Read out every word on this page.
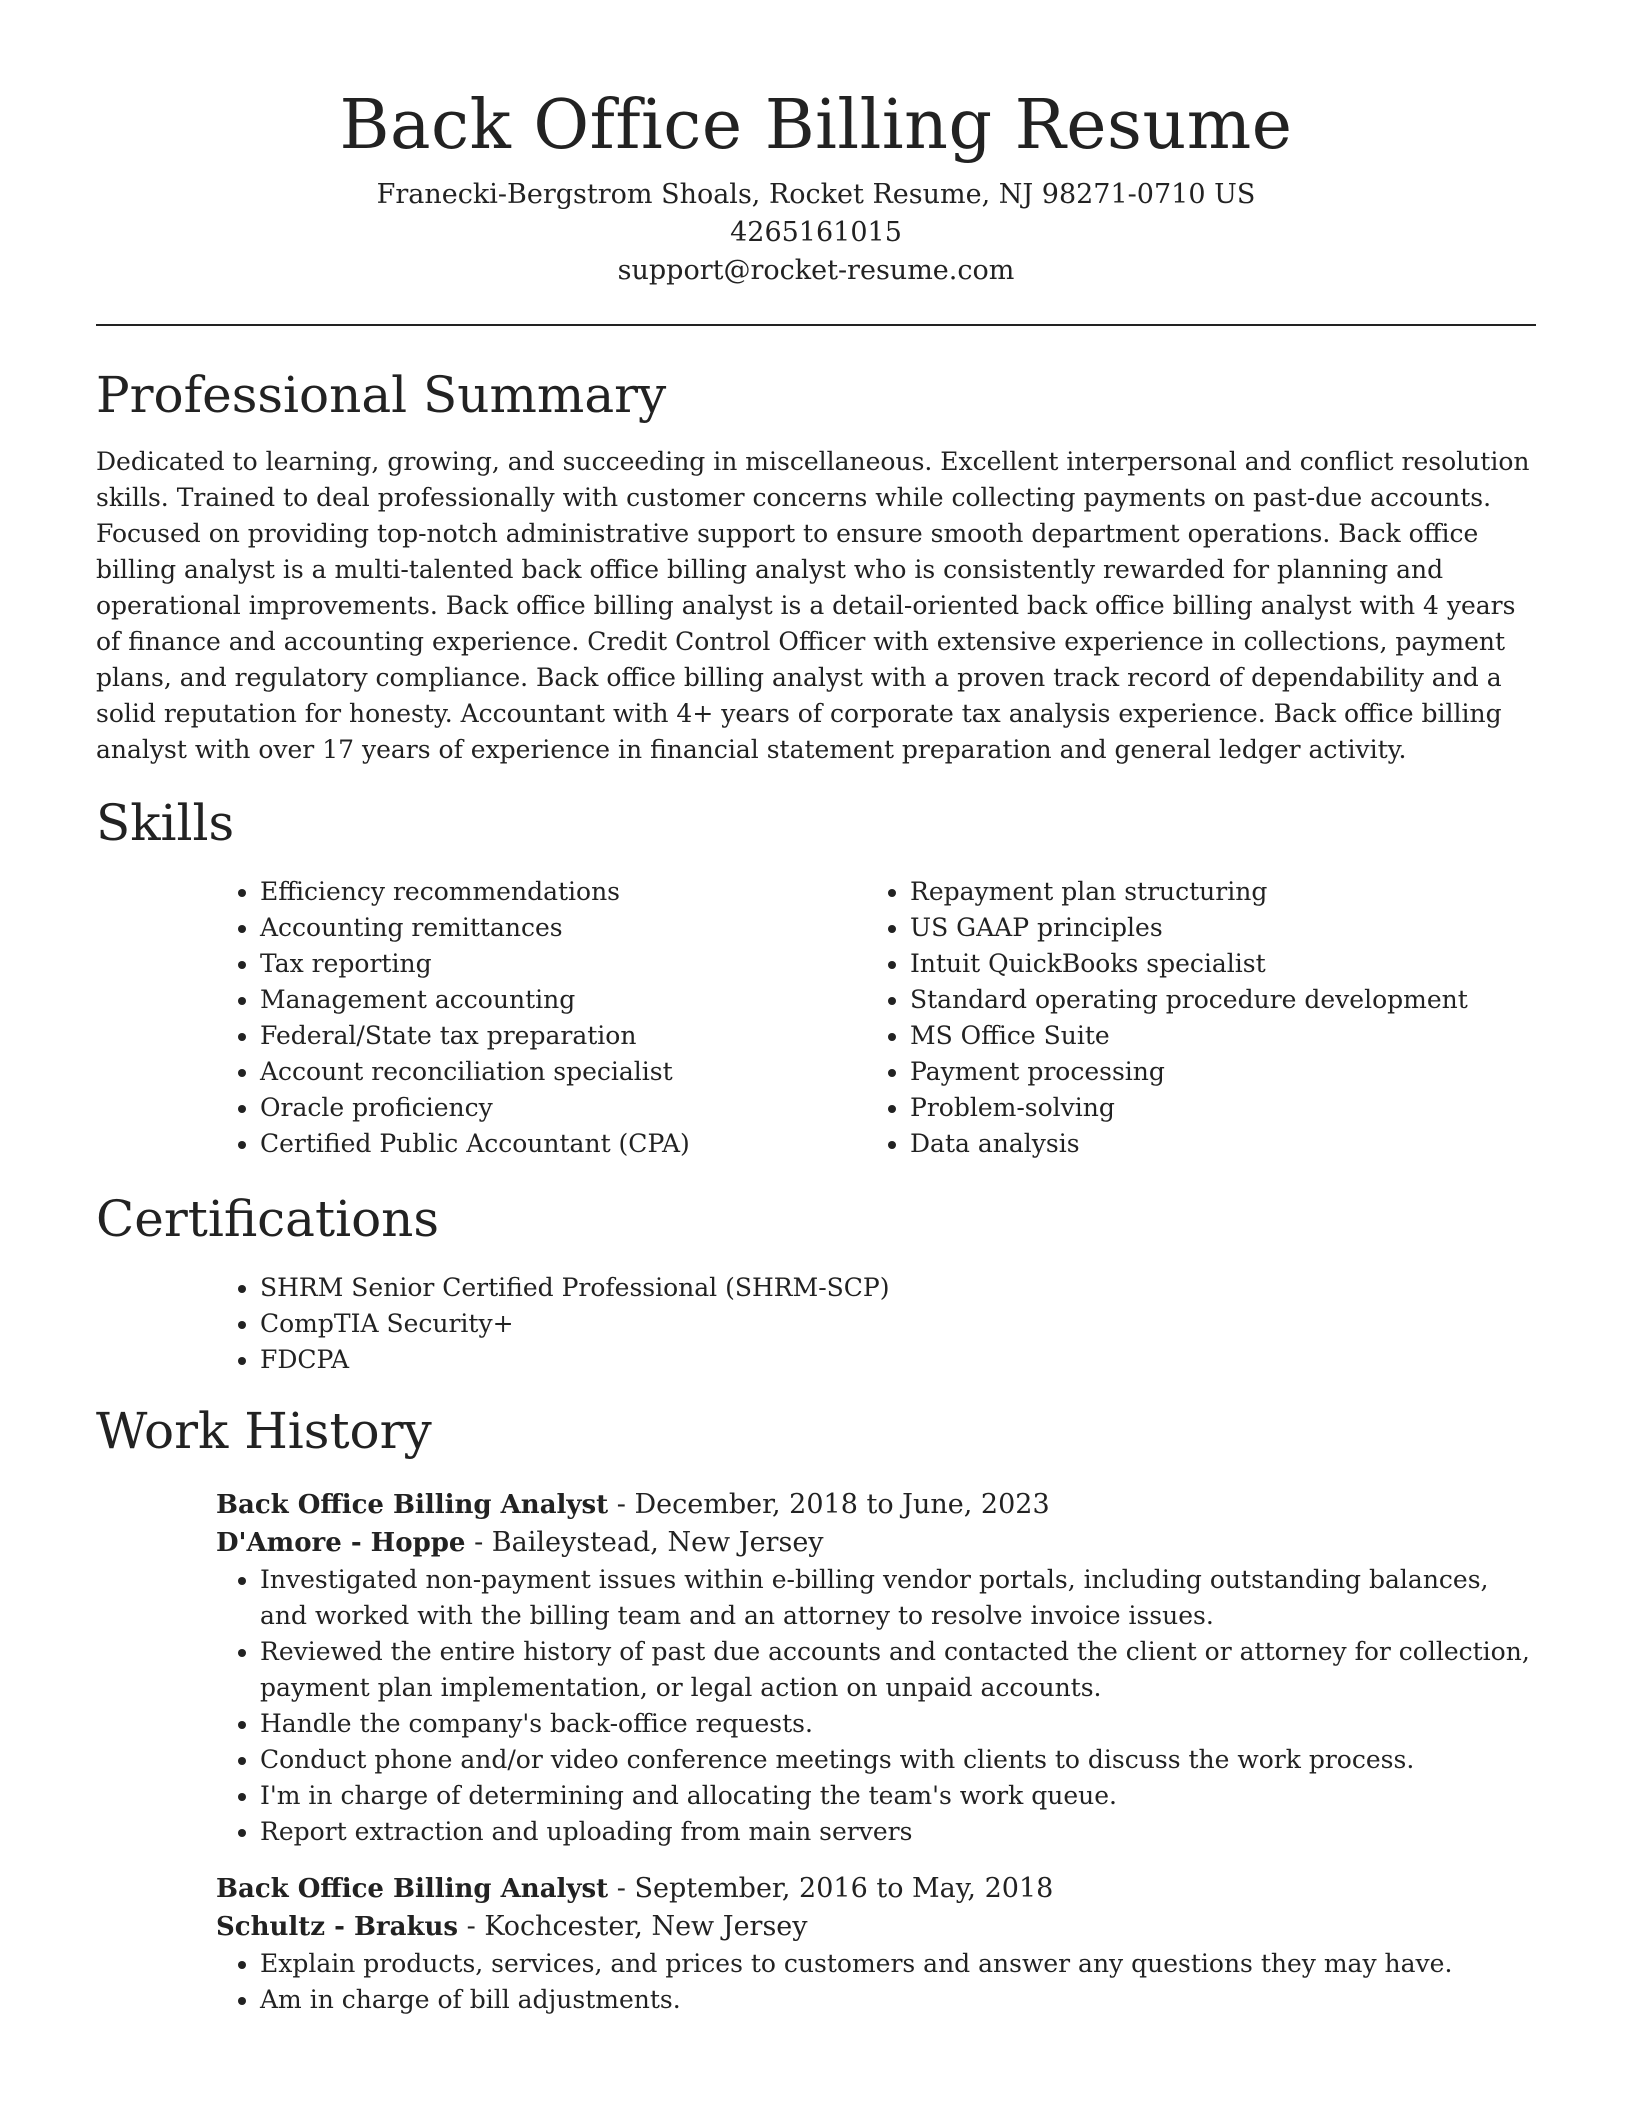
Back Office Billing Resume

Franecki-Bergstrom Shoals, Rocket Resume, NJ 98271-0710 US

4265161015

support@rocket-resume.com

Professional Summary

Dedicated to learning, growing, and succeeding in miscellaneous. Excellent interpersonal and conflict resolution skills. Trained to deal professionally with customer concerns while collecting payments on past-due accounts. Focused on providing top-notch administrative support to ensure smooth department operations. Back office billing analyst is a multi-talented back office billing analyst who is consistently rewarded for planning and operational improvements. Back office billing analyst is a detail-oriented back office billing analyst with 4 years of finance and accounting experience. Credit Control Officer with extensive experience in collections, payment plans, and regulatory compliance. Back office billing analyst with a proven track record of dependability and a solid reputation for honesty. Accountant with 4+ years of corporate tax analysis experience. Back office billing analyst with over 17 years of experience in financial statement preparation and general ledger activity.

Skills
• Efficiency recommendations
• Accounting remittances
• Tax reporting
• Management accounting
• Federal/State tax preparation
• Account reconciliation specialist
• Oracle proficiency
• Certified Public Accountant (CPA)
• Repayment plan structuring
• US GAAP principles
• Intuit QuickBooks specialist
• Standard operating procedure development
• MS Office Suite
• Payment processing
• Problem-solving
• Data analysis
Certifications
• SHRM Senior Certified Professional (SHRM-SCP)
• CompTIA Security+
• FDCPA
Work History

Back Office Billing Analyst - December, 2018 to June, 2023

D'Amore - Hoppe - Baileystead, New Jersey

• Investigated non-payment issues within e-billing vendor portals, including outstanding balances, and worked with the billing team and an attorney to resolve invoice issues.
• Reviewed the entire history of past due accounts and contacted the client or attorney for collection, payment plan implementation, or legal action on unpaid accounts.
• Handle the company's back-office requests.
• Conduct phone and/or video conference meetings with clients to discuss the work process.
• I'm in charge of determining and allocating the team's work queue.
• Report extraction and uploading from main servers

Back Office Billing Analyst - September, 2016 to May, 2018

Schultz - Brakus - Kochcester, New Jersey

• Explain products, services, and prices to customers and answer any questions they may have.
• Am in charge of bill adjustments.
